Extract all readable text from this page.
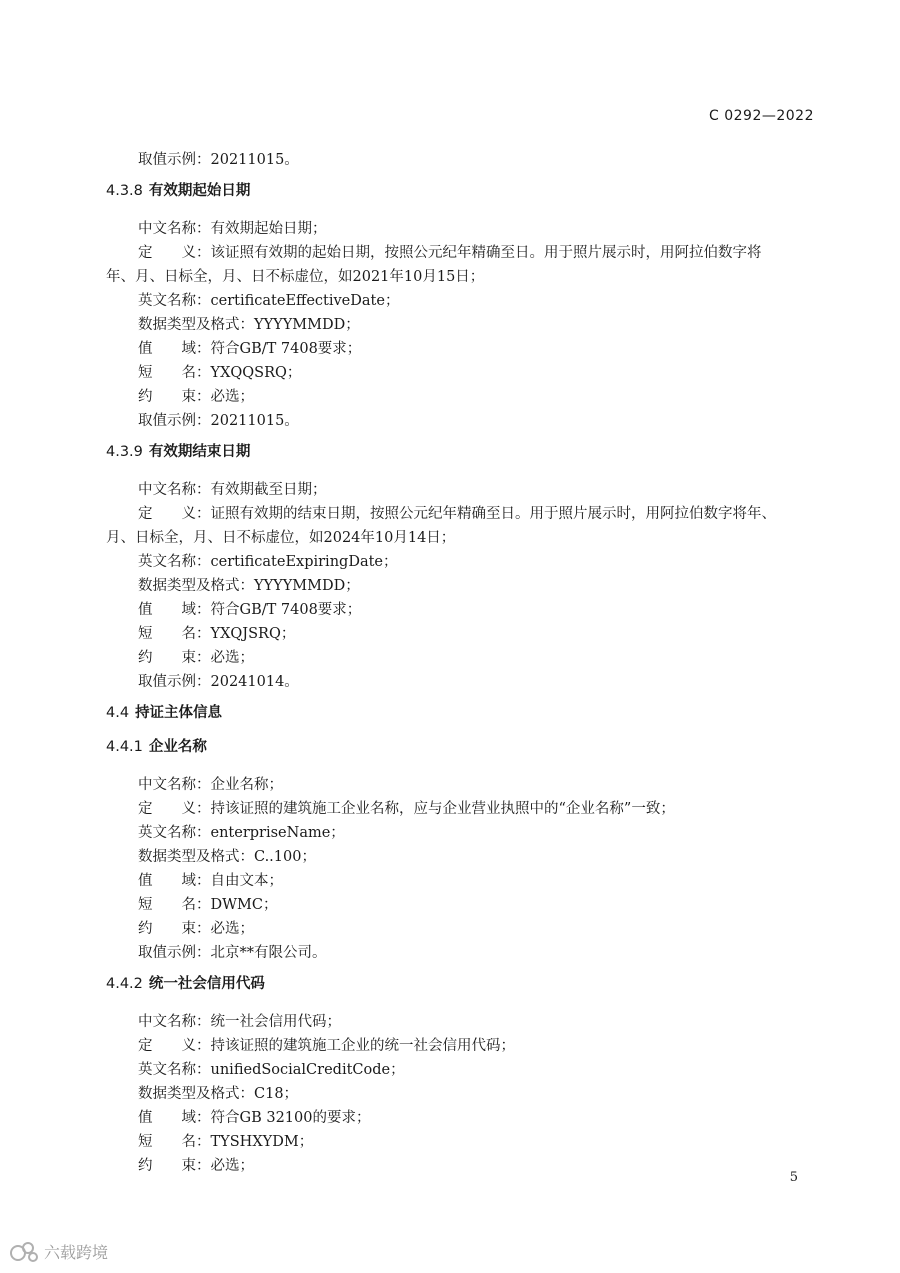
C 0292—2022
取值示例：20211015。
4.3.8 有效期起始日期
中文名称：有效期起始日期；
定　　义：该证照有效期的起始日期，按照公元纪年精确至日。用于照片展示时，用阿拉伯数字将
年、月、日标全，月、日不标虚位，如2021年10月15日；
英文名称：certificateEffectiveDate；
数据类型及格式：YYYYMMDD；
值　　域：符合GB/T 7408要求；
短　　名：YXQQSRQ；
约　　束：必选；
取值示例：20211015。
4.3.9 有效期结束日期
中文名称：有效期截至日期；
定　　义：证照有效期的结束日期，按照公元纪年精确至日。用于照片展示时，用阿拉伯数字将年、
月、日标全，月、日不标虚位，如2024年10月14日；
英文名称：certificateExpiringDate；
数据类型及格式：YYYYMMDD；
值　　域：符合GB/T 7408要求；
短　　名：YXQJSRQ；
约　　束：必选；
取值示例：20241014。
4.4 持证主体信息
4.4.1 企业名称
中文名称：企业名称；
定　　义：持该证照的建筑施工企业名称，应与企业营业执照中的“企业名称”一致；
英文名称：enterpriseName；
数据类型及格式：C..100；
值　　域：自由文本；
短　　名：DWMC；
约　　束：必选；
取值示例：北京**有限公司。
4.4.2 统一社会信用代码
中文名称：统一社会信用代码；
定　　义：持该证照的建筑施工企业的统一社会信用代码；
英文名称：unifiedSocialCreditCode；
数据类型及格式：C18；
值　　域：符合GB 32100的要求；
短　　名：TYSHXYDM；
约　　束：必选；
5
六载跨境
